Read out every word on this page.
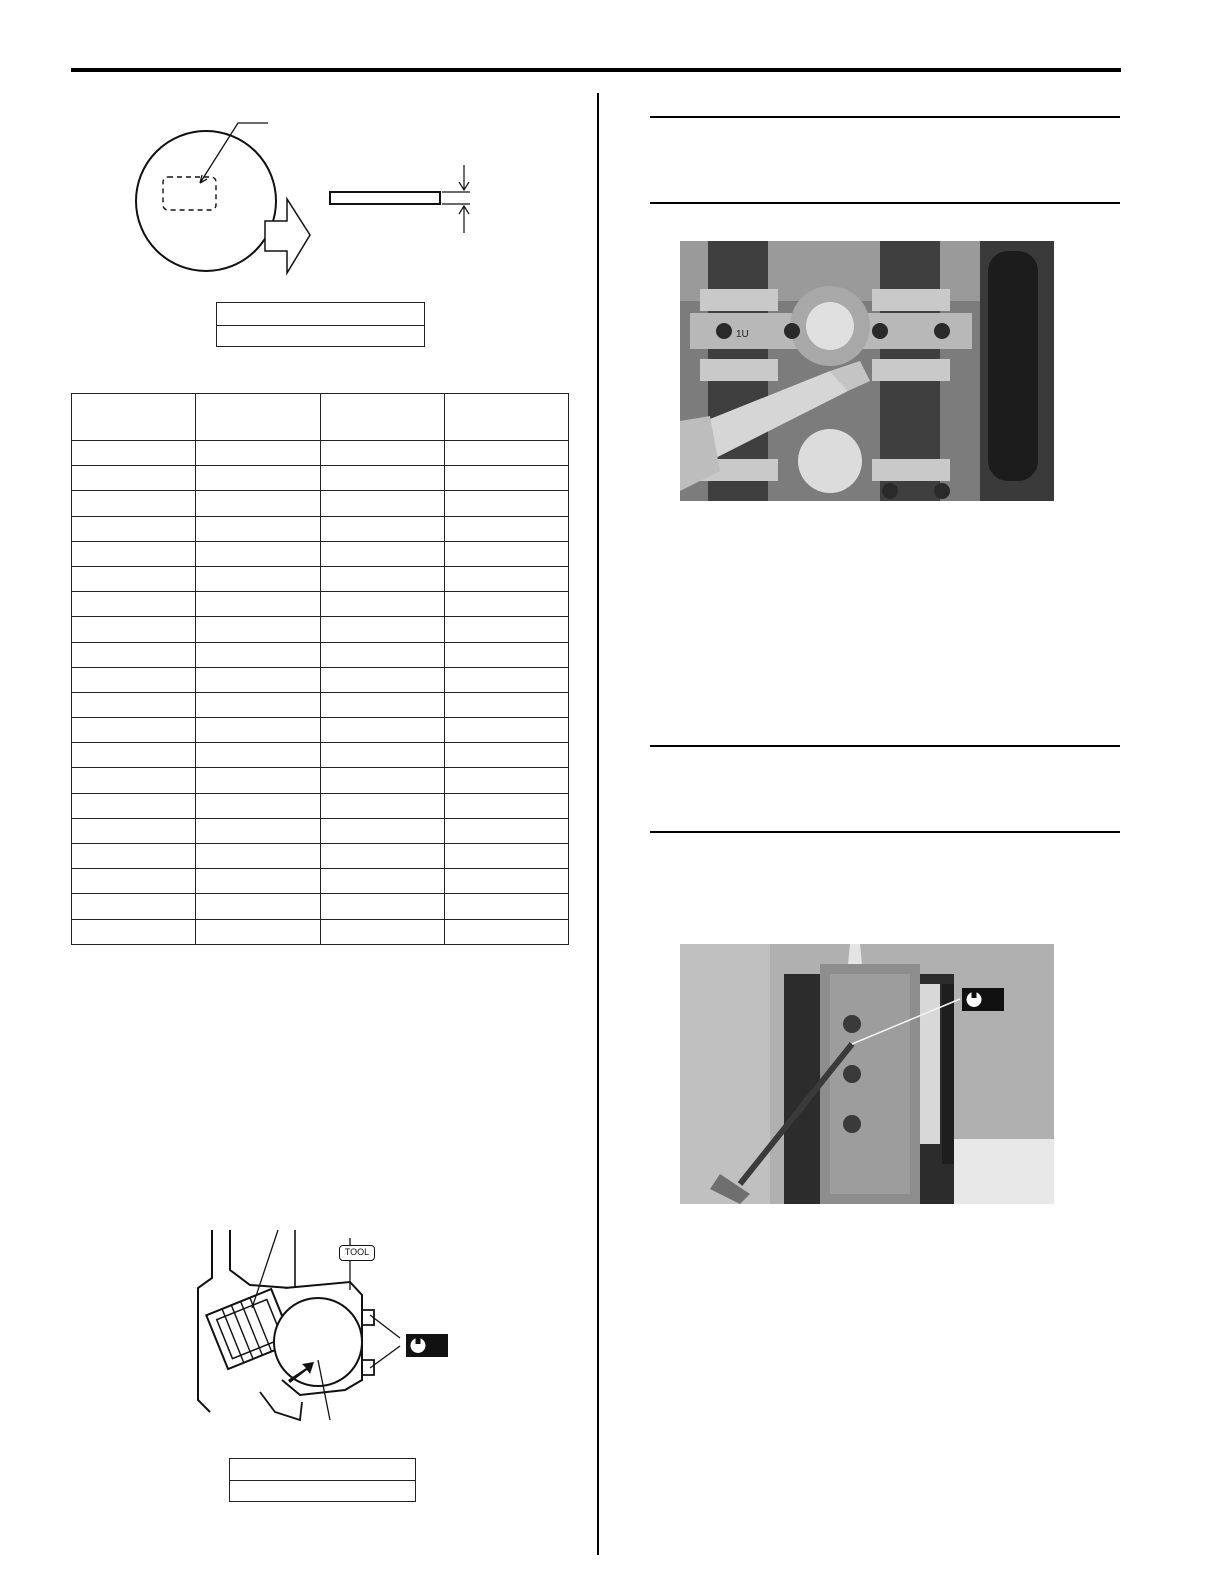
TOOL
1U
